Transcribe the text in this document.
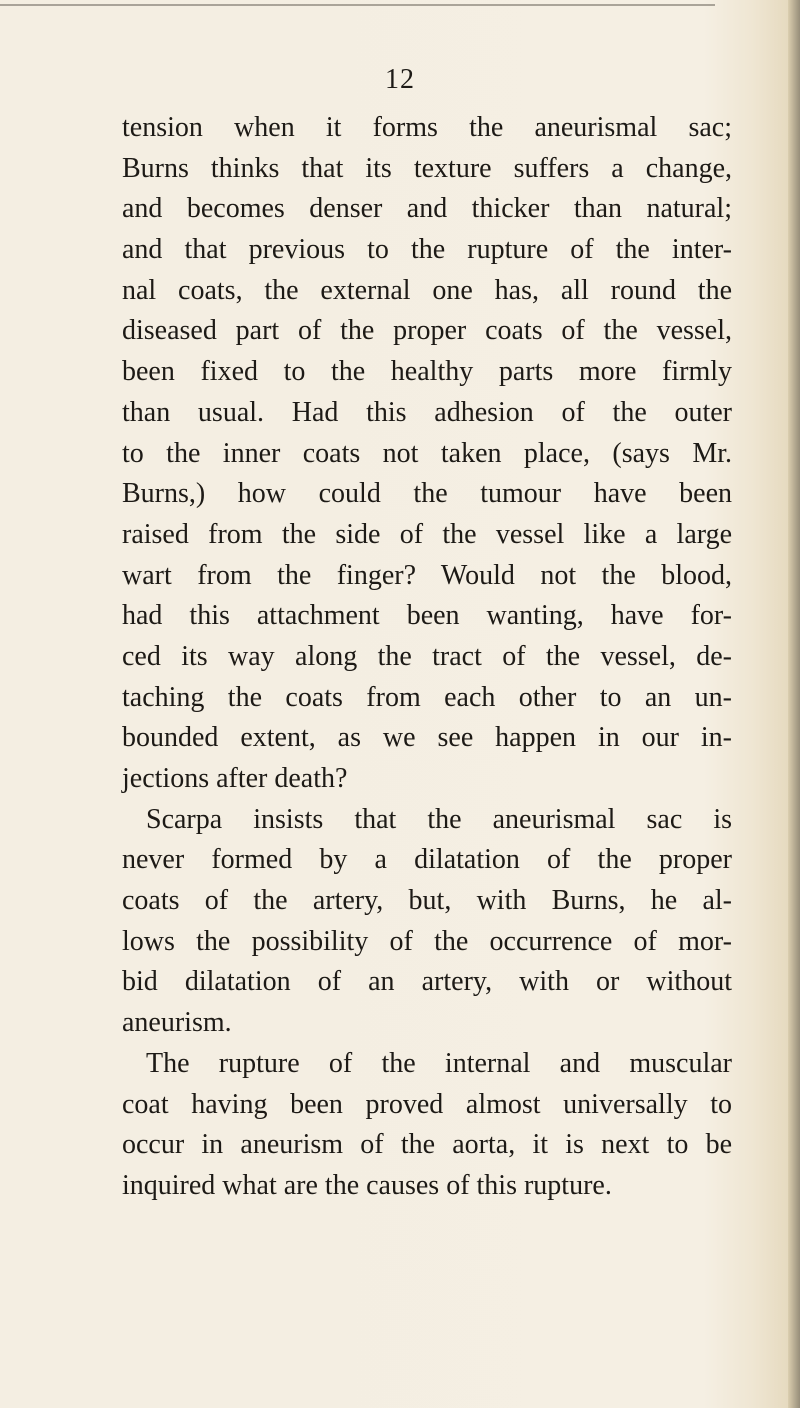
12
tension when it forms the aneurismal sac;
Burns thinks that its texture suffers a change,
and becomes denser and thicker than natural;
and that previous to the rupture of the inter-
nal coats, the external one has, all round the
diseased part of the proper coats of the vessel,
been fixed to the healthy parts more firmly
than usual. Had this adhesion of the outer
to the inner coats not taken place, (says Mr.
Burns,) how could the tumour have been
raised from the side of the vessel like a large
wart from the finger? Would not the blood,
had this attachment been wanting, have for-
ced its way along the tract of the vessel, de-
taching the coats from each other to an un-
bounded extent, as we see happen in our in-
jections after death?
Scarpa insists that the aneurismal sac is
never formed by a dilatation of the proper
coats of the artery, but, with Burns, he al-
lows the possibility of the occurrence of mor-
bid dilatation of an artery, with or without
aneurism.
The rupture of the internal and muscular
coat having been proved almost universally to
occur in aneurism of the aorta, it is next to be
inquired what are the causes of this rupture.
